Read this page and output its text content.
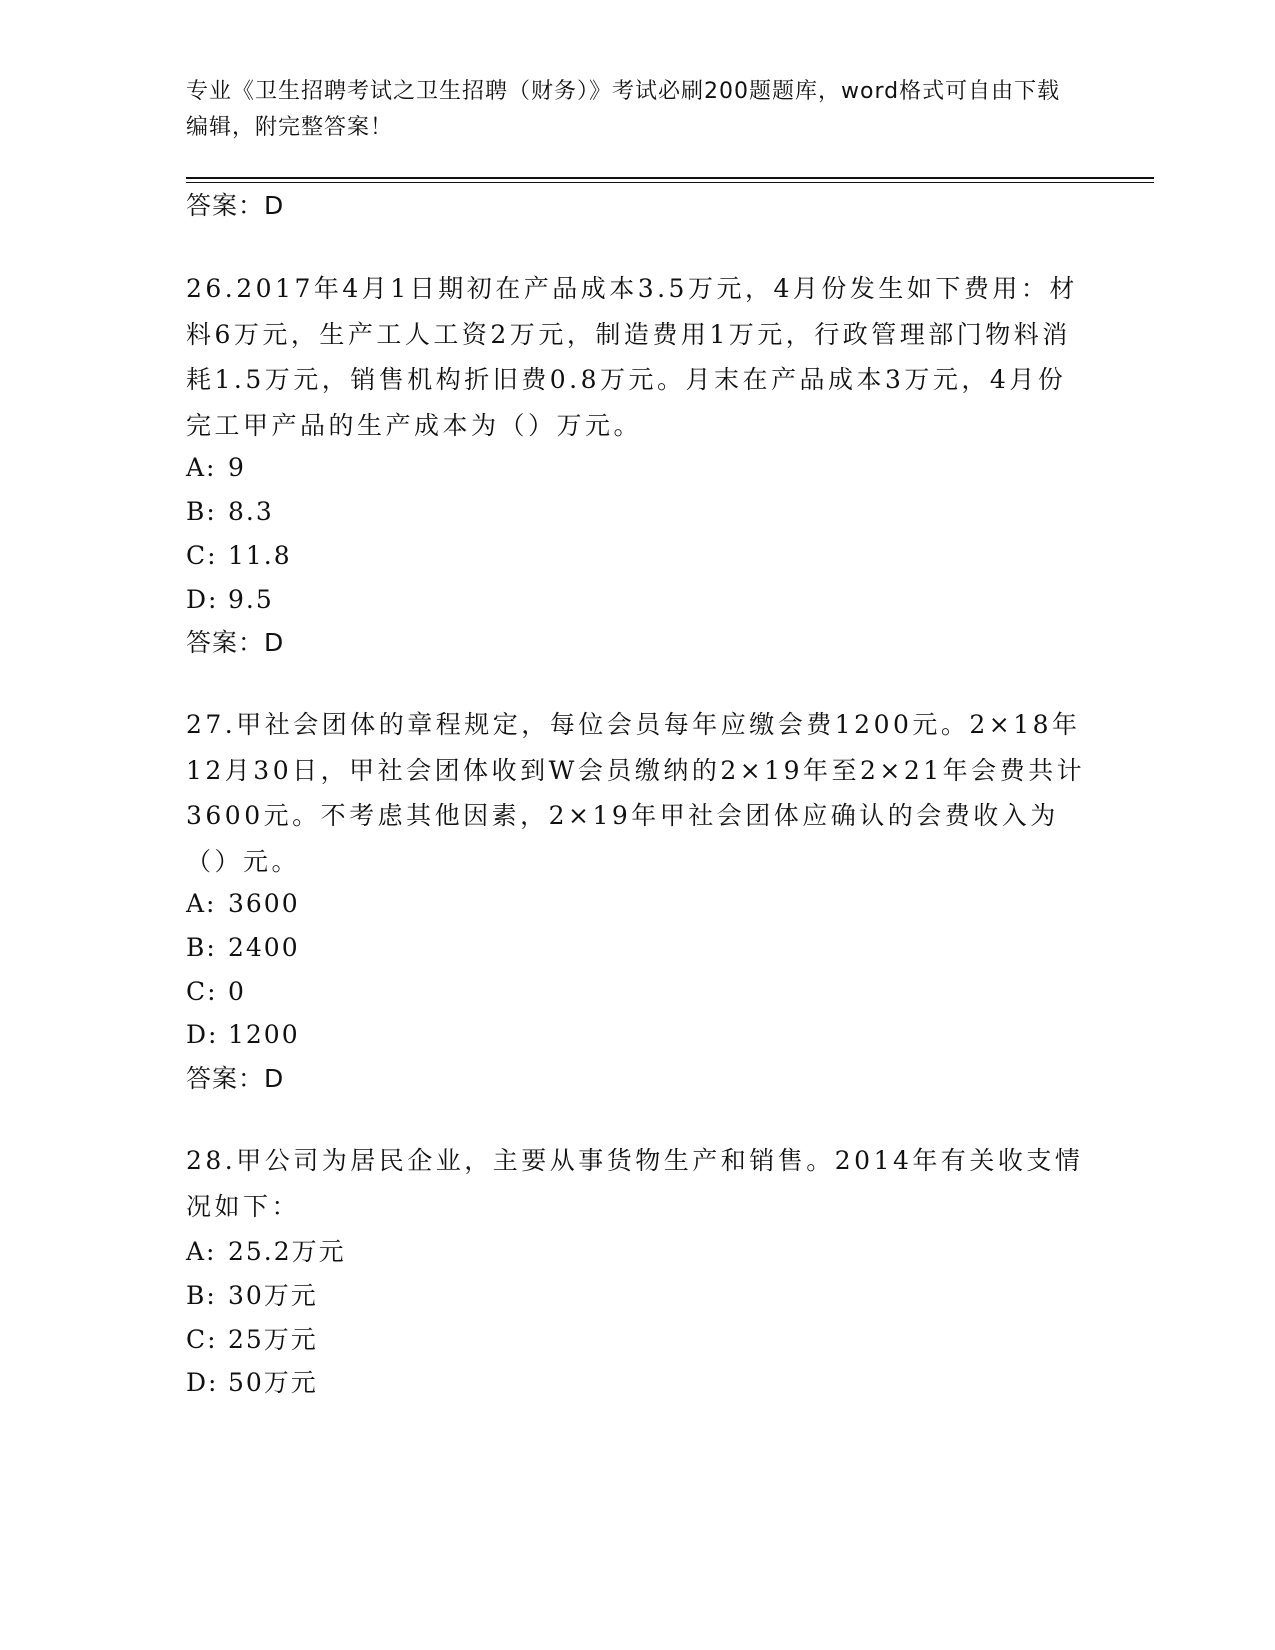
专业《卫生招聘考试之卫生招聘（财务）》考试必刷200题题库，word格式可自由下载编辑，附完整答案！
答案：D
26.2017年4月1日期初在产品成本3.5万元，4月份发生如下费用：材料6万元，生产工人工资2万元，制造费用1万元，行政管理部门物料消耗1.5万元，销售机构折旧费0.8万元。月末在产品成本3万元，4月份完工甲产品的生产成本为（）万元。
A: 9
B: 8.3
C: 11.8
D: 9.5
答案：D
27.甲社会团体的章程规定，每位会员每年应缴会费1200元。2×18年12月30日，甲社会团体收到W会员缴纳的2×19年至2×21年会费共计3600元。不考虑其他因素，2×19年甲社会团体应确认的会费收入为（）元。
A: 3600
B: 2400
C: 0
D: 1200
答案：D
28.甲公司为居民企业，主要从事货物生产和销售。2014年有关收支情况如下：
A: 25.2万元
B: 30万元
C: 25万元
D: 50万元
